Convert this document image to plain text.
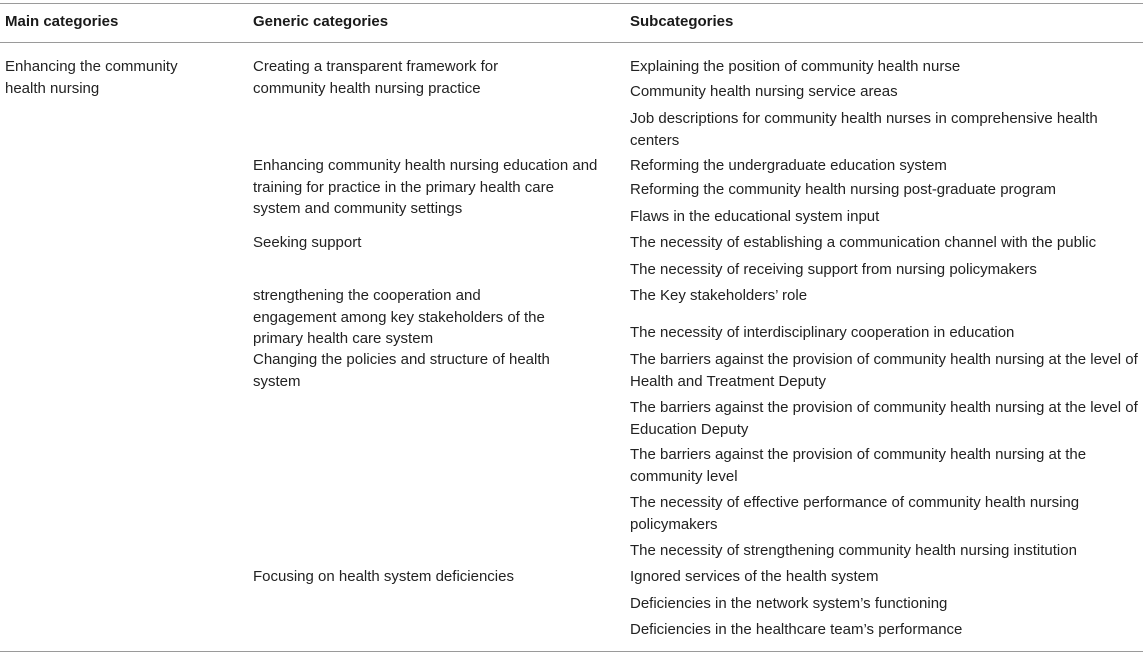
Main categories	Generic categories	Subcategories
Enhancing the community health nursing
Creating a transparent framework for community health nursing practice
Enhancing community health nursing education and training for practice in the primary health care system and community settings
Seeking support
strengthening the cooperation and engagement among key stakeholders of the primary health care system
Changing the policies and structure of health system
Focusing on health system deficiencies
Explaining the position of community health nurse
Community health nursing service areas
Job descriptions for community health nurses in comprehensive health centers
Reforming the undergraduate education system
Reforming the community health nursing post-graduate program
Flaws in the educational system input
The necessity of establishing a communication channel with the public
The necessity of receiving support from nursing policymakers
The Key stakeholders’ role
The necessity of interdisciplinary cooperation in education
The barriers against the provision of community health nursing at the level of Health and Treatment Deputy
The barriers against the provision of community health nursing at the level of Education Deputy
The barriers against the provision of community health nursing at the community level
The necessity of effective performance of community health nursing policymakers
The necessity of strengthening community health nursing institution
Ignored services of the health system
Deficiencies in the network system’s functioning
Deficiencies in the healthcare team’s performance
